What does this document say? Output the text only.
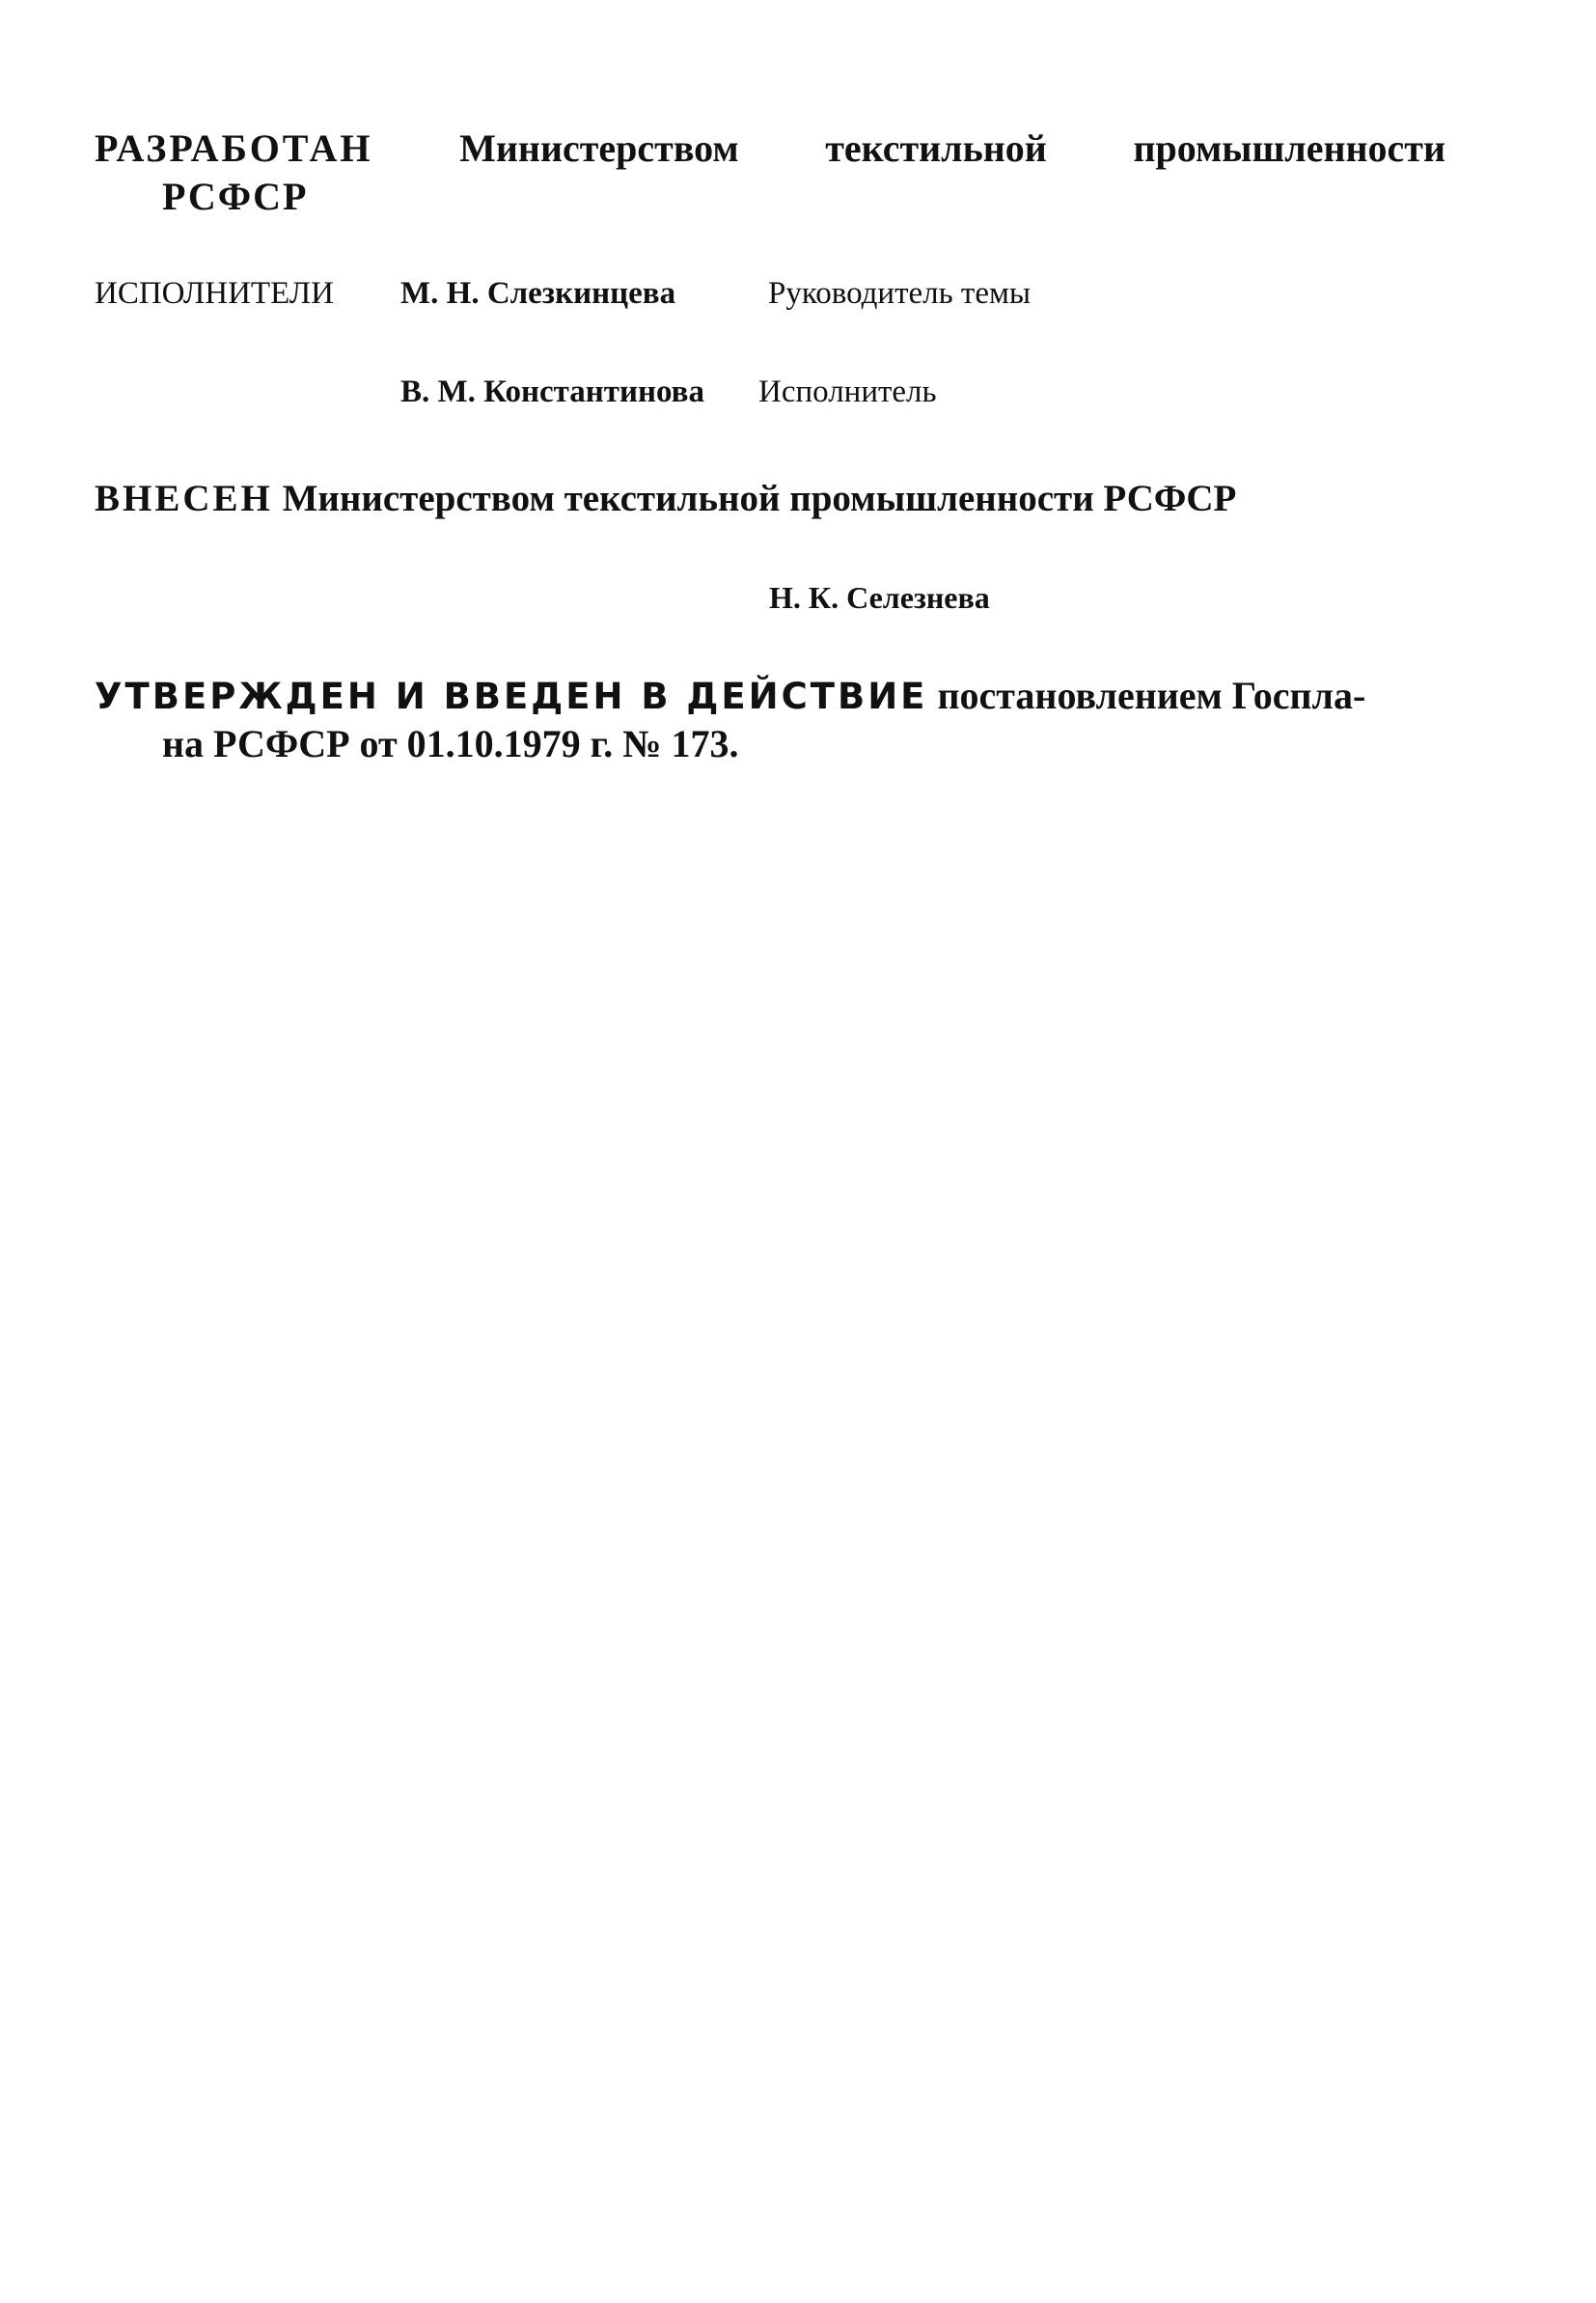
РАЗРАБОТАН Министерством текстильной промышленности
РСФСР
ИСПОЛНИТЕЛИ М. Н. Слезкинцева	Руководитель темы
В. М. Константинова Исполнитель
ВНЕСЕН Министерством текстильной промышленности РСФСР
Н. К. Селезнева
УТВЕРЖДЕН И ВВЕДЕН В ДЕЙСТВИЕ постановлением Госпла-
на РСФСР от 01.10.1979 г. № 173.
